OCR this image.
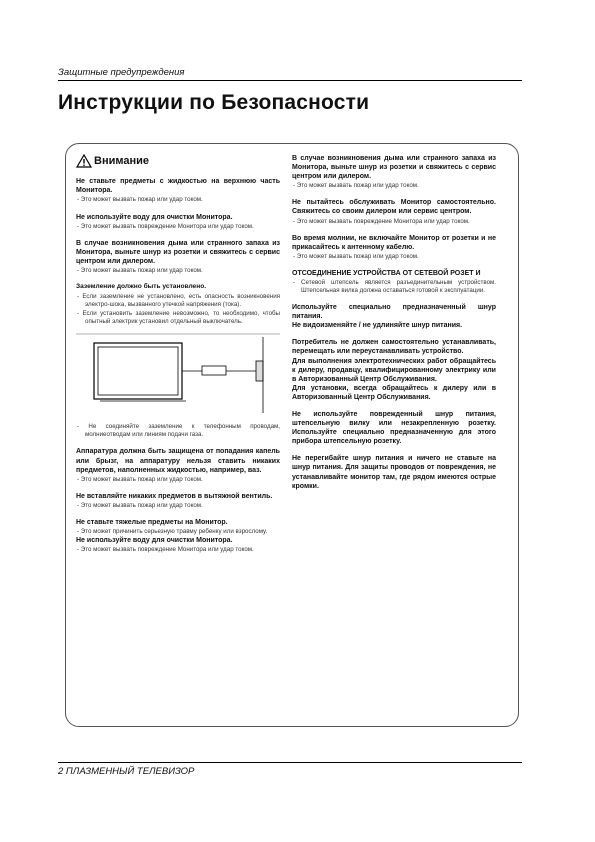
Защитные предупреждения
Инструкции по Безопасности
Внимание

Не ставьте предметы с жидкостью на верхнюю часть Монитора.

- Это может вызвать пожар или удар током.

Не используйте воду для очистки Монитора.

- Это может вызвать повреждение Монитора или удар током.

В случае возникновения дыма или странного запаха из Монитора, выньте шнур из розетки и свяжитесь с сервис центром или дилером.

- Это может вызвать пожар или удар током.

Заземление должно быть установлено.

- Если заземление не установлено, есть опасность возникновения электро-шока, вызванного утечкой напряжения (тока).

- Если установить заземление невозможно, то необходимо, чтобы опытный электрик установил отдельный выключатель.

- Не соединяйте заземление к телефонным проводам, молниеотводам или линиям подачи газа.

Аппаратура должна быть защищена от попадания капель или брызг, на аппаратуру нельзя ставить никаких предметов, наполненных жидкостью, например, ваз.

- Это может вызвать пожар или удар током.

Не вставляйте никаких предметов в вытяжной вентиль.

- Это может вызвать пожар или удар током.

Не ставьте тяжелые предметы на Монитор.

- Это может причинить серьезную травму ребенку или взрослому.

Не используйте воду для очистки Монитора.

- Это может вызвать повреждение Монитора или удар током.

В случае возникновения дыма или странного запаха из Монитора, выньте шнур из розетки и свяжитесь с сервис центром или дилером.

- Это может вызвать пожар или удар током.

Не пытайтесь обслуживать Монитор самостоятельно. Свяжитесь со своим дилером или сервис центром.

- Это может вызвать повреждение Монитора или удар током.

Во время молнии, не включайте Монитор от розетки и не прикасайтесь к антенному кабелю.

- Это может вызвать пожар или удар током.

ОТСОЕДИНЕНИЕ УСТРОЙСТВА ОТ СЕТЕВОЙ РОЗЕТ И

- Сетевой штепсель является разъединительным устройством. Штепсельная вилка должна оставаться готовой к эксплуатации.

Используйте специально предназначенный шнур питания.

Не видоизменяйте / не удлиняйте шнур питания.

Потребитель не должен самостоятельно устанавливать, перемещать или переустанавливать устройство.

Для выполнения электротехнических работ обращайтесь к дилеру, продавцу, квалифицированному электрику или в Авторизованный Центр Обслуживания.

Для установки, всегда обращайтесь к дилеру или в Авторизованный Центр Обслуживания.

Не используйте поврежденный шнур питания, штепсельную вилку или незакрепленную розетку. Используйте специально предназначенную для этого прибора штепсельную розетку.

Не перегибайте шнур питания и ничего не ставьте на шнур питания. Для защиты проводов от повреждения, не устанавливайте монитор там, где рядом имеются острые кромки.

2 ПЛАЗМЕННЫЙ ТЕЛЕВИЗОР
